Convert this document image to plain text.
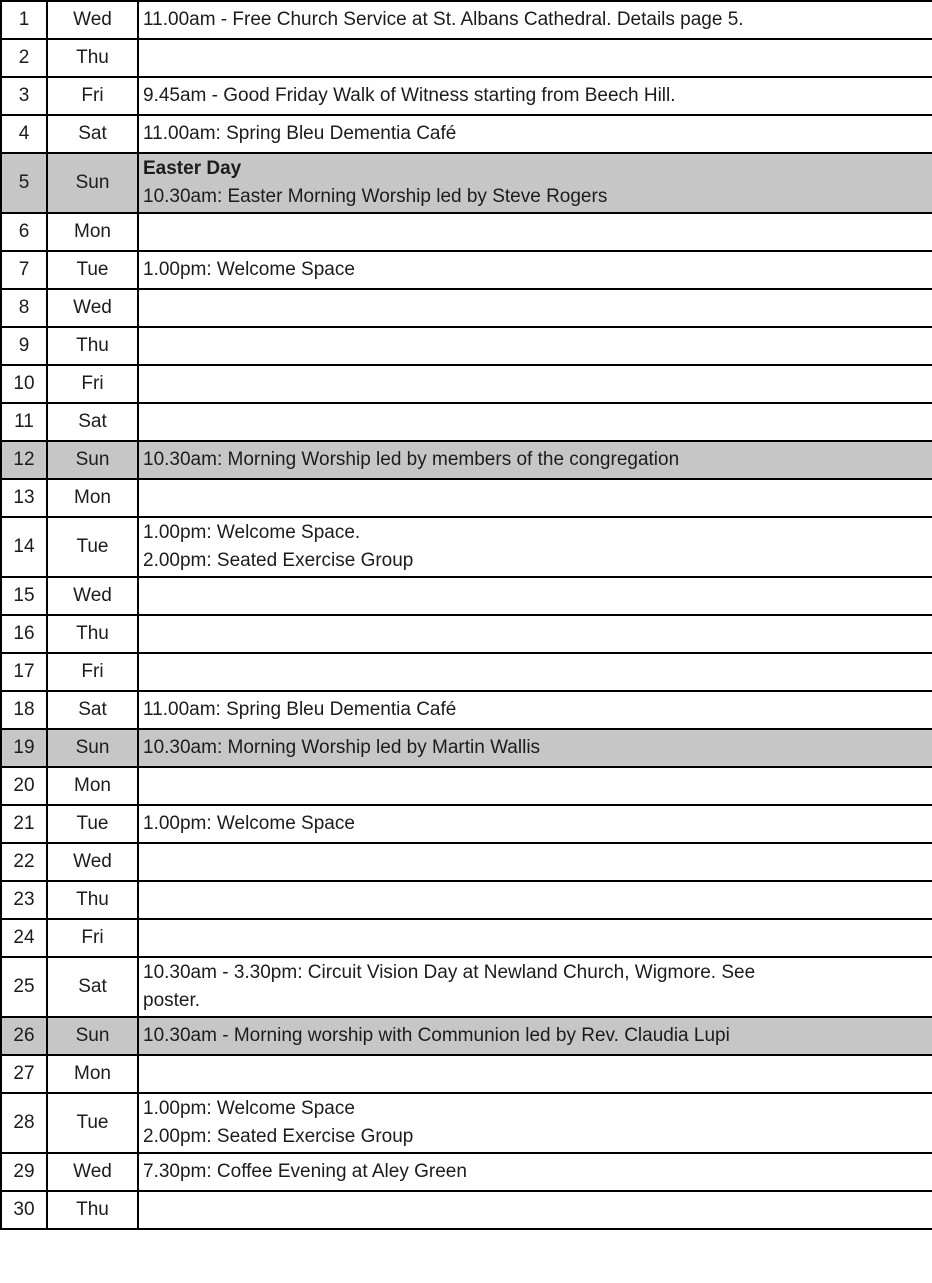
1	Wed	11.00am - Free Church Service at St. Albans Cathedral. Details page 5.

2	Thu	
3	Fri	9.45am - Good Friday Walk of Witness starting from Beech Hill.

4	Sat	11.00am: Spring Bleu Dementia Café

5	Sun	Easter Day
10.30am: Easter Morning Worship led by Steve Rogers

6	Mon	
7	Tue	1.00pm: Welcome Space

8	Wed	
9	Thu	
10	Fri	
11	Sat	
12	Sun	10.30am: Morning Worship led by members of the congregation

13	Mon	
14	Tue	1.00pm: Welcome Space.
2.00pm: Seated Exercise Group

15	Wed	
16	Thu	
17	Fri	
18	Sat	11.00am: Spring Bleu Dementia Café

19	Sun	10.30am: Morning Worship led by Martin Wallis

20	Mon	
21	Tue	1.00pm: Welcome Space

22	Wed	
23	Thu	
24	Fri	
25	Sat	10.30am - 3.30pm: Circuit Vision Day at Newland Church, Wigmore. See
poster.

26	Sun	10.30am - Morning worship with Communion led by Rev. Claudia Lupi

27	Mon	
28	Tue	1.00pm: Welcome Space
2.00pm: Seated Exercise Group

29	Wed	7.30pm: Coffee Evening at Aley Green

30	Thu	
